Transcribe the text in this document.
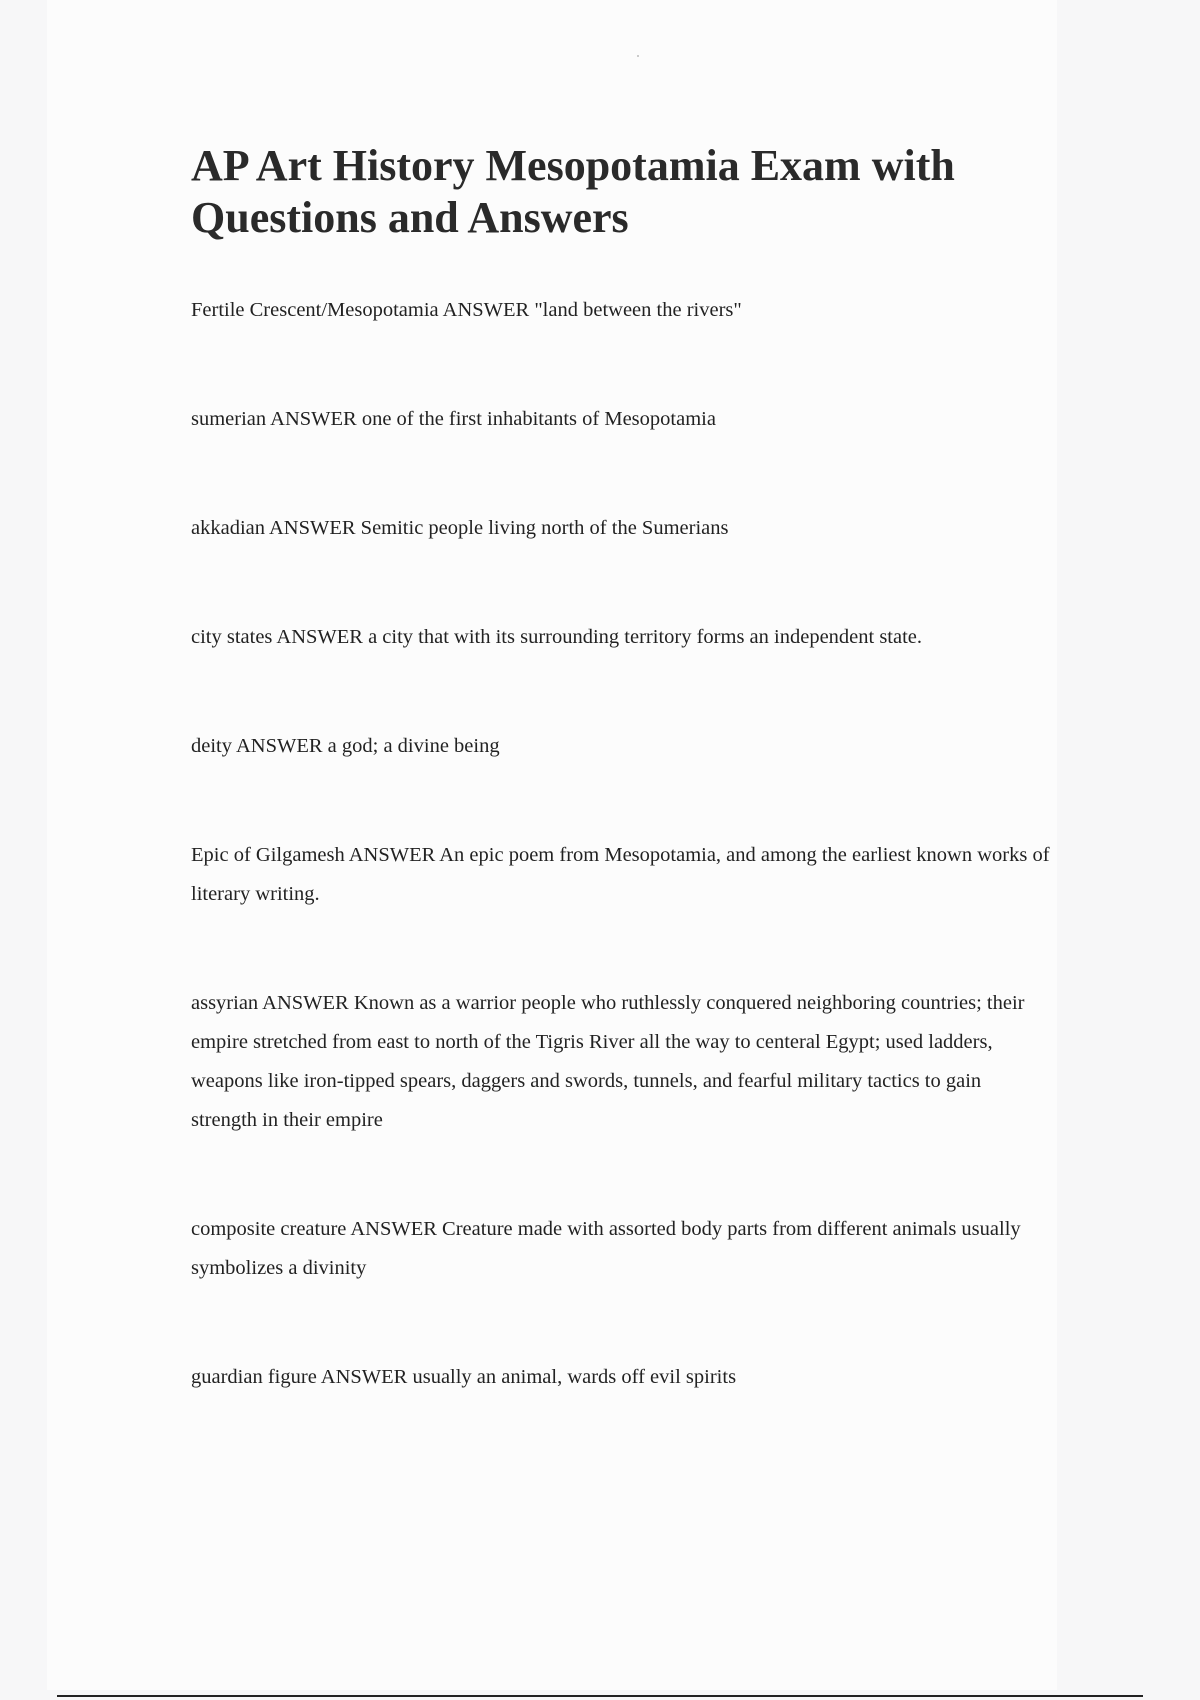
AP Art History Mesopotamia Exam with Questions and Answers

Fertile Crescent/Mesopotamia ANSWER "land between the rivers"

sumerian ANSWER one of the first inhabitants of Mesopotamia

akkadian ANSWER Semitic people living north of the Sumerians

city states ANSWER a city that with its surrounding territory forms an independent state.

deity ANSWER a god; a divine being

Epic of Gilgamesh ANSWER An epic poem from Mesopotamia, and among the earliest known works of literary writing.

assyrian ANSWER Known as a warrior people who ruthlessly conquered neighboring countries; their empire stretched from east to north of the Tigris River all the way to centeral Egypt; used ladders, weapons like iron-tipped spears, daggers and swords, tunnels, and fearful military tactics to gain strength in their empire

composite creature ANSWER Creature made with assorted body parts from different animals usually symbolizes a divinity

guardian figure ANSWER usually an animal, wards off evil spirits
